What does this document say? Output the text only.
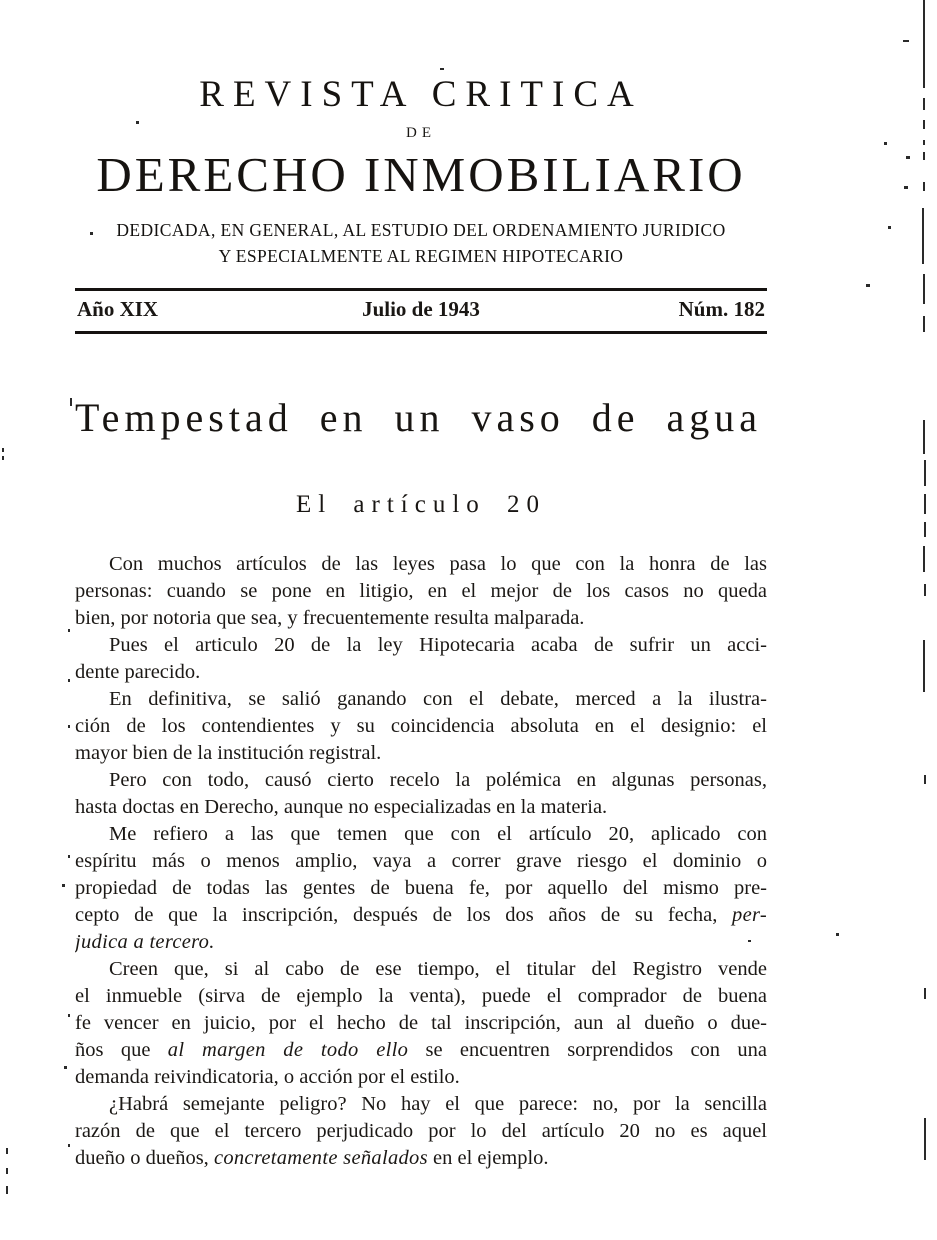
REVISTA CRITICA
DE
DERECHO INMOBILIARIO
DEDICADA, EN GENERAL, AL ESTUDIO DEL ORDENAMIENTO JURIDICO
Y ESPECIALMENTE AL REGIMEN HIPOTECARIO
Año XIX	Julio de 1943	Núm. 182
Tempestad en un vaso de agua
El artículo 20
Con muchos artículos de las leyes pasa lo que con la honra de las
personas: cuando se pone en litigio, en el mejor de los casos no queda
bien, por notoria que sea, y frecuentemente resulta malparada.
Pues el articulo 20 de la ley Hipotecaria acaba de sufrir un acci-
dente parecido.
En definitiva, se salió ganando con el debate, merced a la ilustra-
ción de los contendientes y su coincidencia absoluta en el designio: el
mayor bien de la institución registral.
Pero con todo, causó cierto recelo la polémica en algunas personas,
hasta doctas en Derecho, aunque no especializadas en la materia.
Me refiero a las que temen que con el artículo 20, aplicado con
espíritu más o menos amplio, vaya a correr grave riesgo el dominio o
propiedad de todas las gentes de buena fe, por aquello del mismo pre-
cepto de que la inscripción, después de los dos años de su fecha, per-
judica a tercero.
Creen que, si al cabo de ese tiempo, el titular del Registro vende
el inmueble (sirva de ejemplo la venta), puede el comprador de buena
fe vencer en juicio, por el hecho de tal inscripción, aun al dueño o due-
ños que al margen de todo ello se encuentren sorprendidos con una
demanda reivindicatoria, o acción por el estilo.
¿Habrá semejante peligro? No hay el que parece: no, por la sencilla
razón de que el tercero perjudicado por lo del artículo 20 no es aquel
dueño o dueños, concretamente señalados en el ejemplo.
